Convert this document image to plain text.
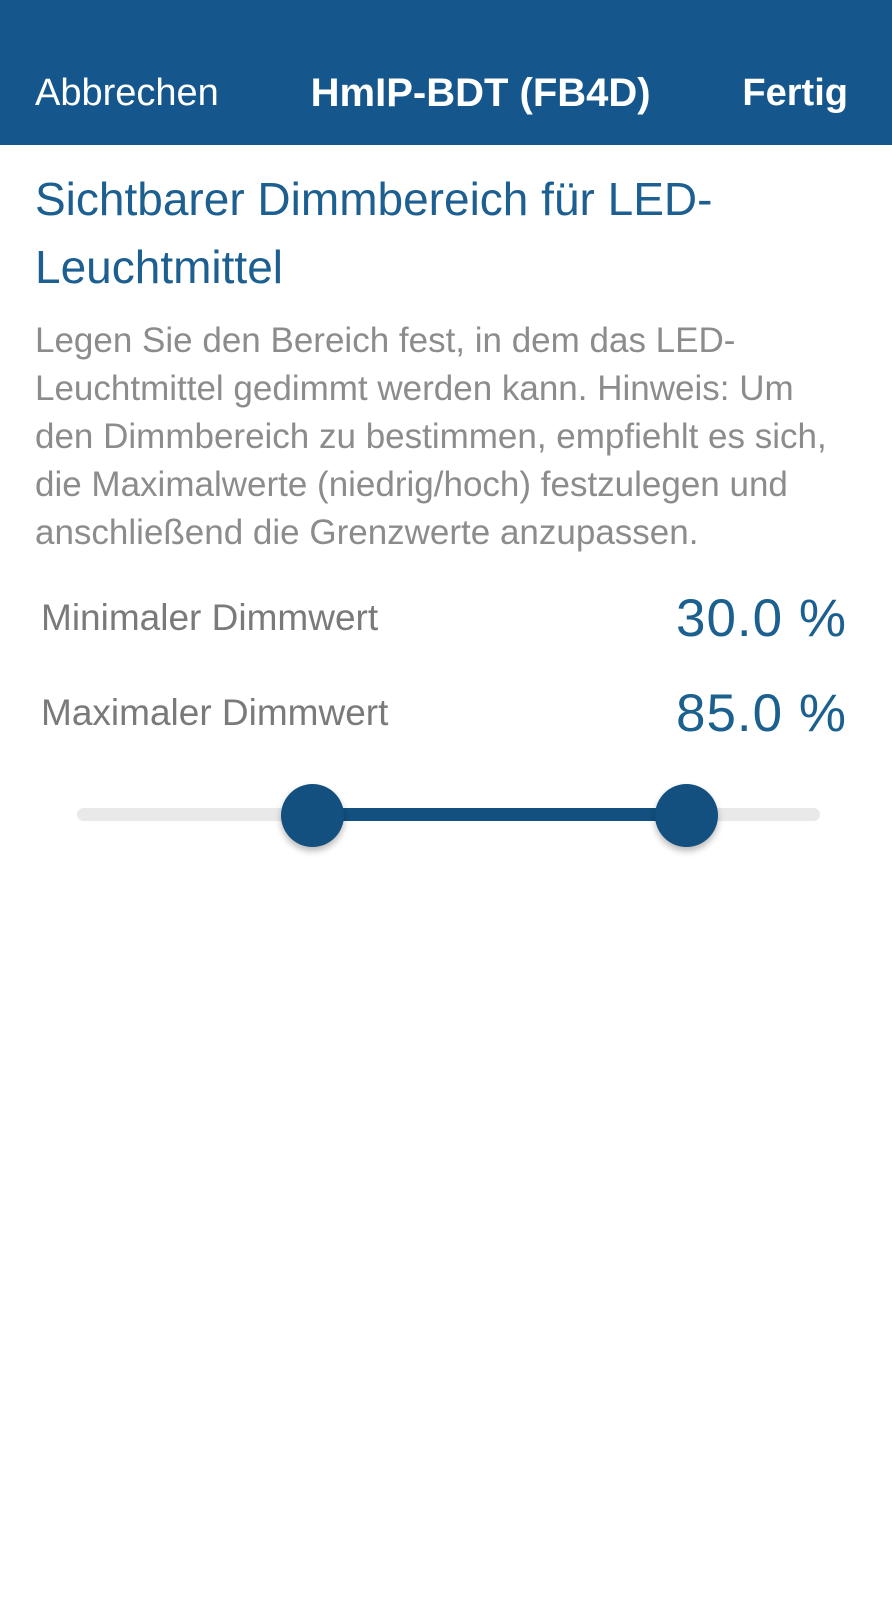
Abbrechen HmIP-BDT (FB4D) Fertig
Sichtbarer Dimmbereich für LED-Leuchtmittel

Legen Sie den Bereich fest, in dem das LED-Leuchtmittel gedimmt werden kann. Hinweis: Um den Dimmbereich zu bestimmen, empfiehlt es sich, die Maximalwerte (niedrig/hoch) festzulegen und anschließend die Grenzwerte anzupassen.

Minimaler Dimmwert	30.0 %
Maximaler Dimmwert	85.0 %
